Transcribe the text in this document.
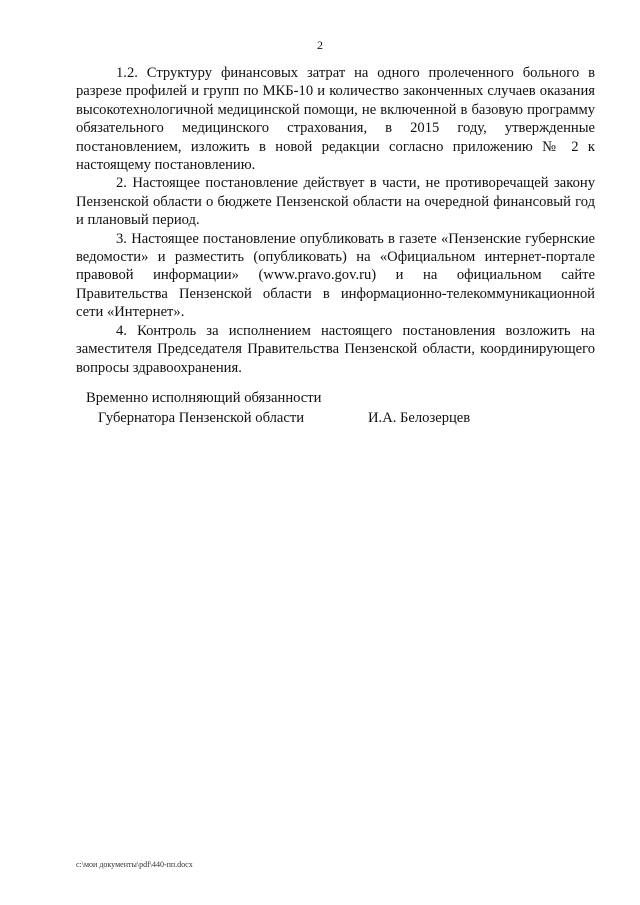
2

1.2. Структуру финансовых затрат на одного пролеченного больного в разрезе профилей и групп по МКБ-10 и количество законченных случаев оказания высокотехнологичной медицинской помощи, не включенной в базовую программу обязательного медицинского страхования, в 2015 году, утвержденные постановлением, изложить в новой редакции согласно приложению № 2 к настоящему постановлению.

2. Настоящее постановление действует в части, не противоречащей закону Пензенской области о бюджете Пензенской области на очередной финансовый год и плановый период.

3. Настоящее постановление опубликовать в газете «Пензенские губернские ведомости» и разместить (опубликовать) на «Официальном интернет-портале правовой информации» (www.pravo.gov.ru) и на официальном сайте Правительства Пензенской области в информационно-телекоммуникационной сети «Интернет».

4. Контроль за исполнением настоящего постановления возложить на заместителя Председателя Правительства Пензенской области, координирующего вопросы здравоохранения.

Временно исполняющий обязанности
Губернатора Пензенской области	И.А. Белозерцев
c:\мои документы\pdf\440-пп.docx
